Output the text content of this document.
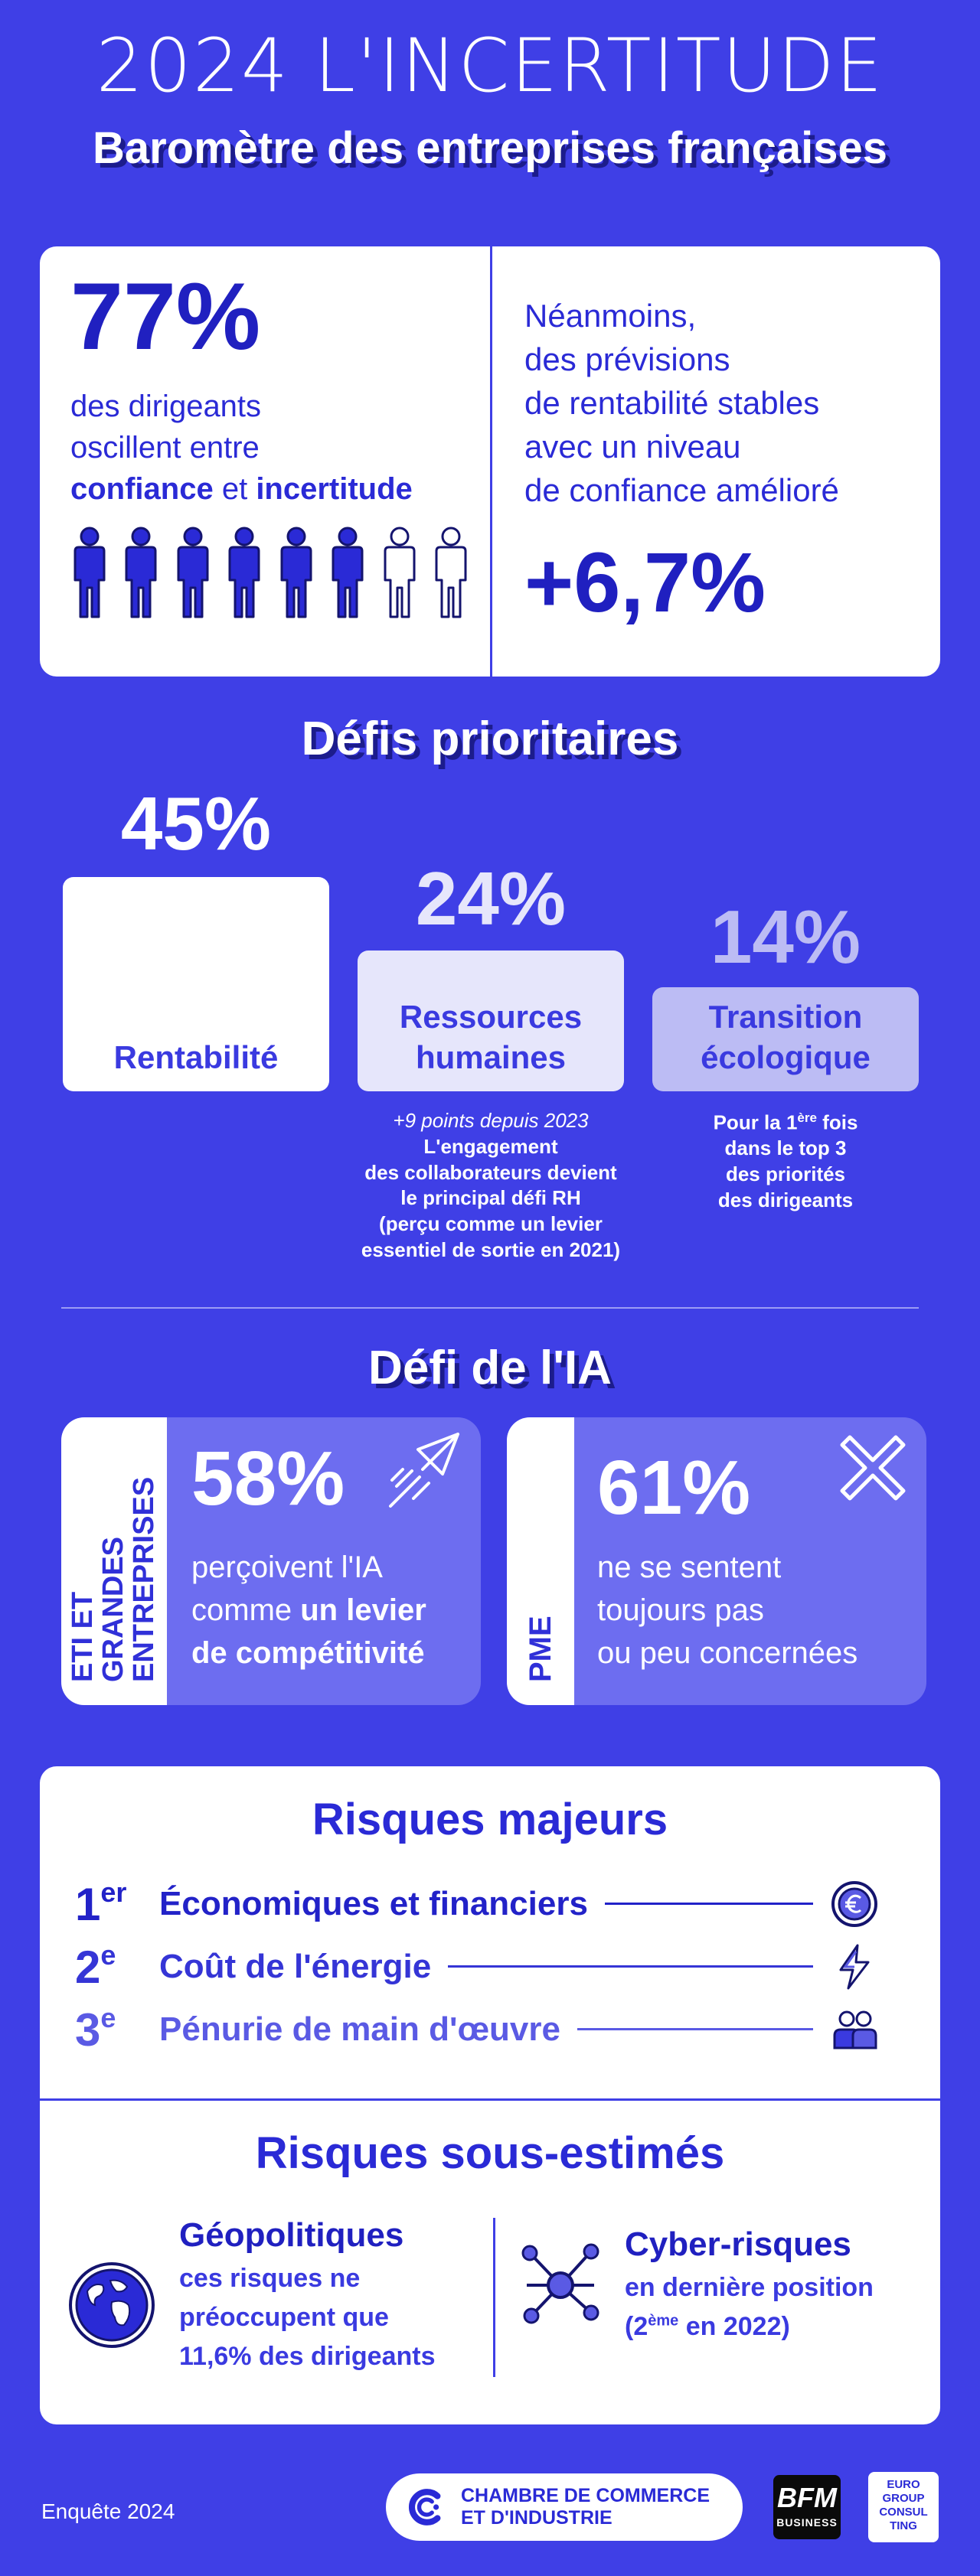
2024 L'INCERTITUDE
Baromètre des entreprises françaises
77%
des dirigeants
oscillent entre
confiance et incertitude

Néanmoins,
des prévisions
de rentabilité stables
avec un niveau
de confiance amélioré
+6,7%
Défis prioritaires
45%
Rentabilité
24%
Ressources
humaines
14%
Transition
écologique
+9 points depuis 2023
L'engagement
des collaborateurs devient
le principal défi RH
(perçu comme un levier
essentiel de sortie en 2021)
Pour la 1ère fois
dans le top 3
des priorités
des dirigeants
Défi de l'IA
ETI ET GRANDES
ENTREPRISES 58%
perçoivent l'IA
comme un levier
de compétitivité	PME
61%
ne se sentent
toujours pas
ou peu concernées
Risques majeurs
1er Économiques et financiers
2e	Coût de l'énergie
3e	Pénurie de main d'œuvre
Risques sous-estimés
Géopolitiques
ces risques ne
préoccupent que
11,6% des dirigeants
Cyber-risques
en dernière position
(2ème en 2022)
Enquête 2024
CHAMBRE DE COMMERCE
ET D'INDUSTRIE
BFM
BUSINESS
EURO
GROUP
CONSUL
TING
